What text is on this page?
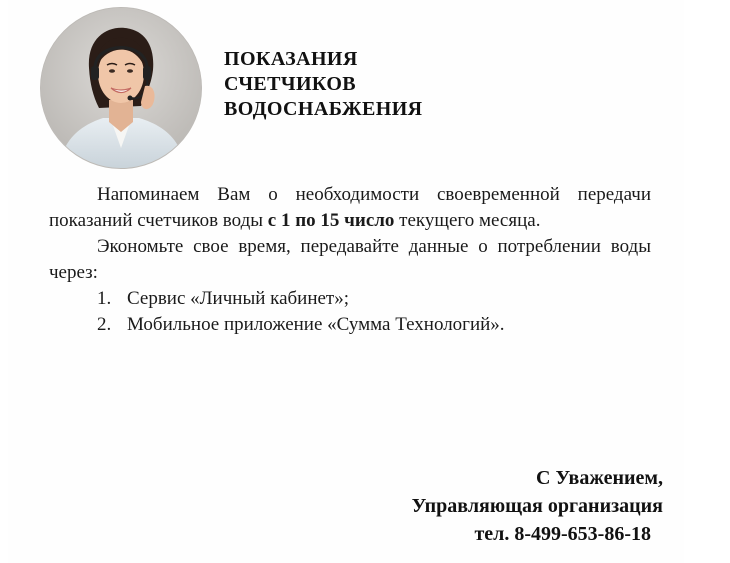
ПОКАЗАНИЯ
СЧЕТЧИКОВ
ВОДОСНАБЖЕНИЯ

Напоминаем Вам о необходимости своевременной передачи показаний счетчиков воды с 1 по 15 число текущего месяца.

Экономьте свое время, передавайте данные о потреблении воды через:

1. Сервис «Личный кабинет»;
2. Мобильное приложение «Сумма Технологий».
С Уважением,
Управляющая организация
тел. 8-499-653-86-18
